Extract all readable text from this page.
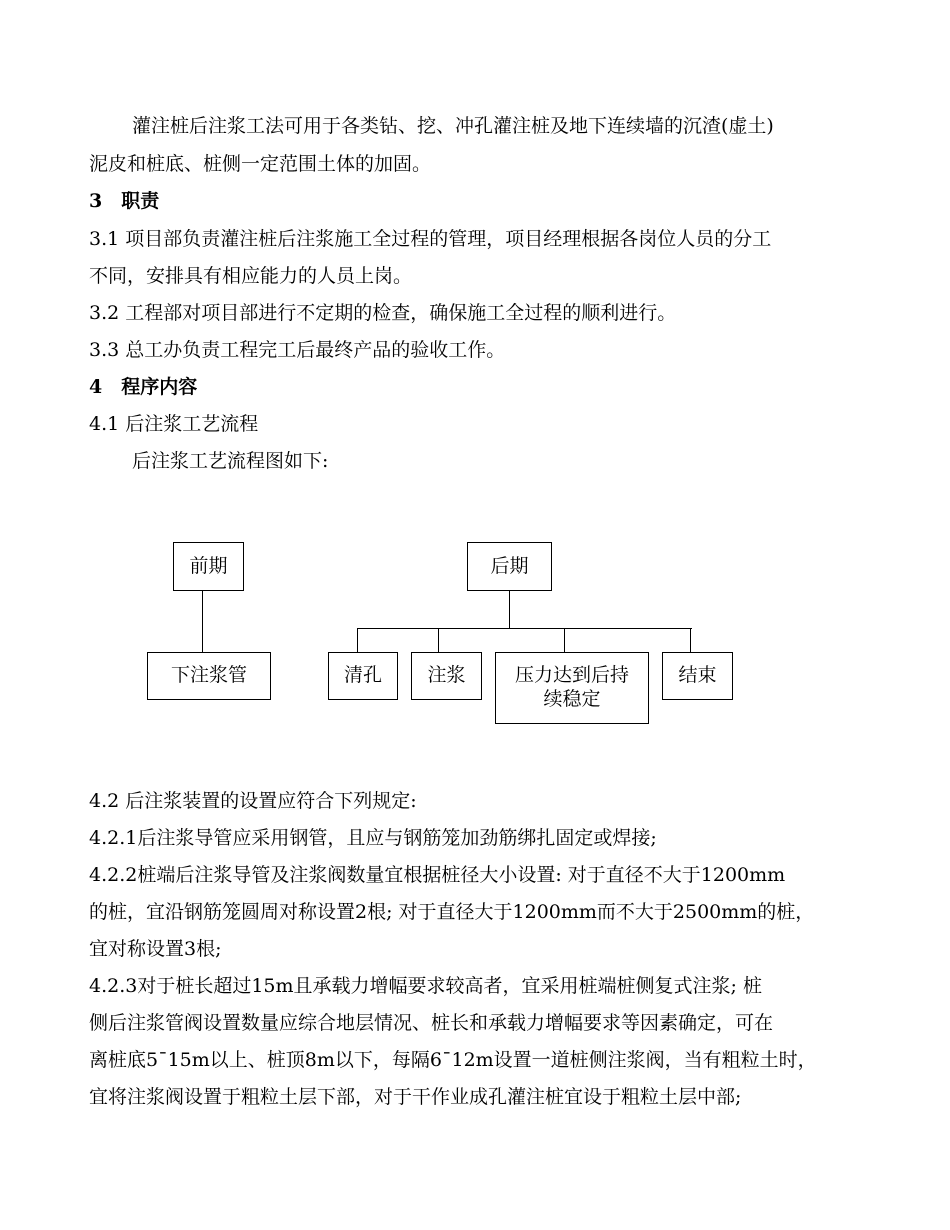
灌注桩后注浆工法可用于各类钻、挖、冲孔灌注桩及地下连续墙的沉渣(虚土)
泥皮和桩底、桩侧一定范围土体的加固。
3　职责
3.1 项目部负责灌注桩后注浆施工全过程的管理，项目经理根据各岗位人员的分工
不同，安排具有相应能力的人员上岗。
3.2 工程部对项目部进行不定期的检查，确保施工全过程的顺利进行。
3.3 总工办负责工程完工后最终产品的验收工作。
4　程序内容
4.1 后注浆工艺流程
后注浆工艺流程图如下:
前期
下注浆管
后期
清孔 注浆	压力达到后持
续稳定
结束
4.2 后注浆装置的设置应符合下列规定:
4.2.1后注浆导管应采用钢管，且应与钢筋笼加劲筋绑扎固定或焊接;
4.2.2桩端后注浆导管及注浆阀数量宜根据桩径大小设置: 对于直径不大于1200mm
的桩，宜沿钢筋笼圆周对称设置2根; 对于直径大于1200mm而不大于2500mm的桩，
宜对称设置3根;
4.2.3对于桩长超过15m且承载力增幅要求较高者，宜采用桩端桩侧复式注浆; 桩
侧后注浆管阀设置数量应综合地层情况、桩长和承载力增幅要求等因素确定，可在
离桩底5¯15m以上、桩顶8m以下，每隔6¯12m设置一道桩侧注浆阀，当有粗粒土时，
宜将注浆阀设置于粗粒土层下部，对于干作业成孔灌注桩宜设于粗粒土层中部;
